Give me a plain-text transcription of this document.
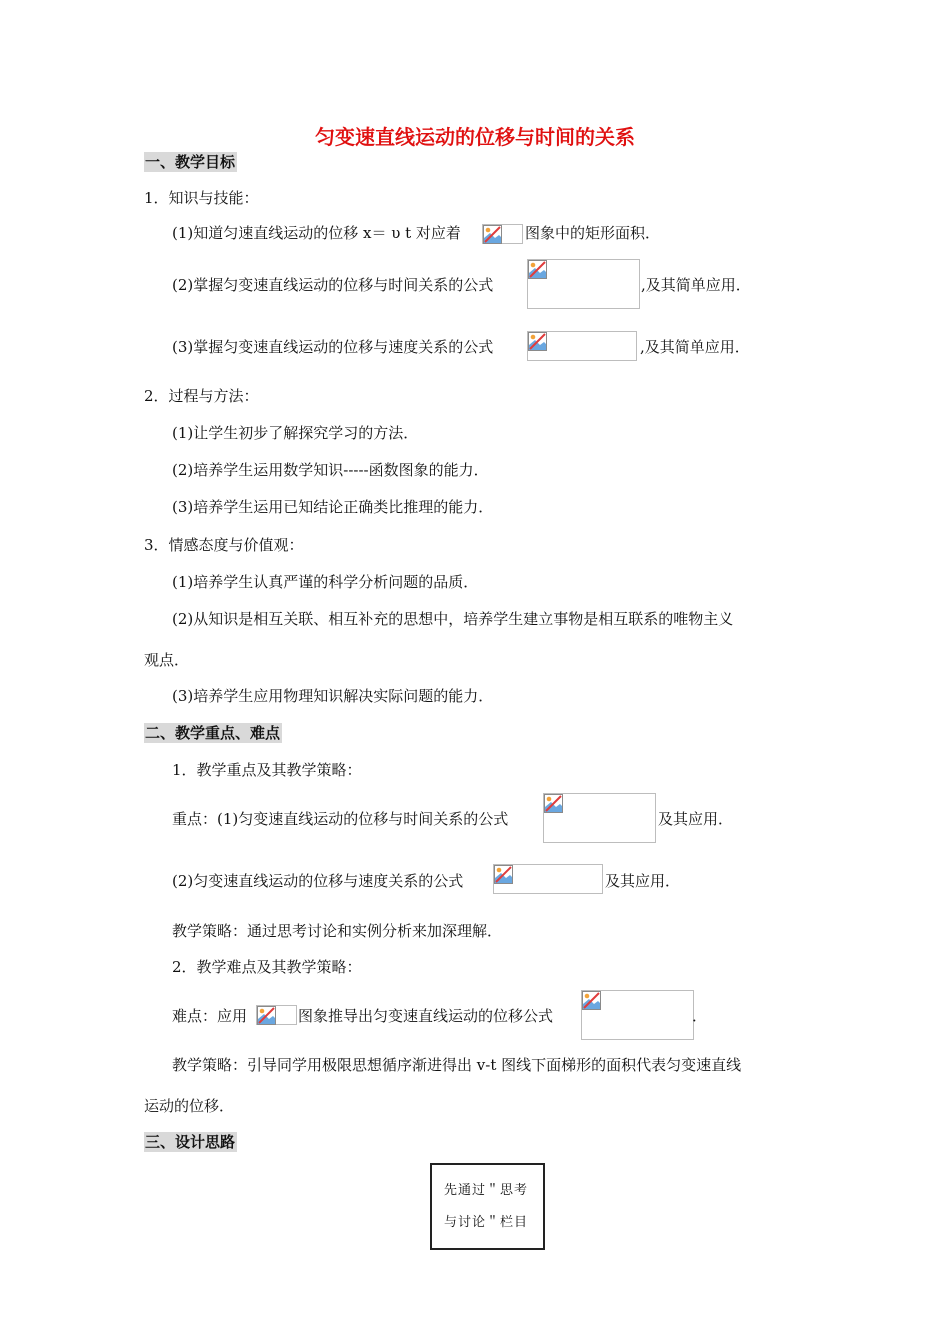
匀变速直线运动的位移与时间的关系
一、教学目标
1．知识与技能：
(1)知道匀速直线运动的位移 x＝ υ t 对应着	图象中的矩形面积．
(2)掌握匀变速直线运动的位移与时间关系的公式	,及其简单应用．
(3)掌握匀变速直线运动的位移与速度关系的公式	,及其简单应用．
2．过程与方法：
(1)让学生初步了解探究学习的方法．
(2)培养学生运用数学知识-----函数图象的能力．
(3)培养学生运用已知结论正确类比推理的能力．
3．情感态度与价值观：
(1)培养学生认真严谨的科学分析问题的品质．
(2)从知识是相互关联、相互补充的思想中，培养学生建立事物是相互联系的唯物主义
观点．
(3)培养学生应用物理知识解决实际问题的能力．
二、教学重点、难点
1．教学重点及其教学策略：
重点：(1)匀变速直线运动的位移与时间关系的公式	及其应用．
(2)匀变速直线运动的位移与速度关系的公式	及其应用．
教学策略：通过思考讨论和实例分析来加深理解．
2．教学难点及其教学策略：
难点：应用	图象推导出匀变速直线运动的位移公式	．
教学策略：引导同学用极限思想循序渐进得出 v-t 图线下面梯形的面积代表匀变速直线
运动的位移．
三、设计思路
先通过＂思考
与讨论＂栏目
